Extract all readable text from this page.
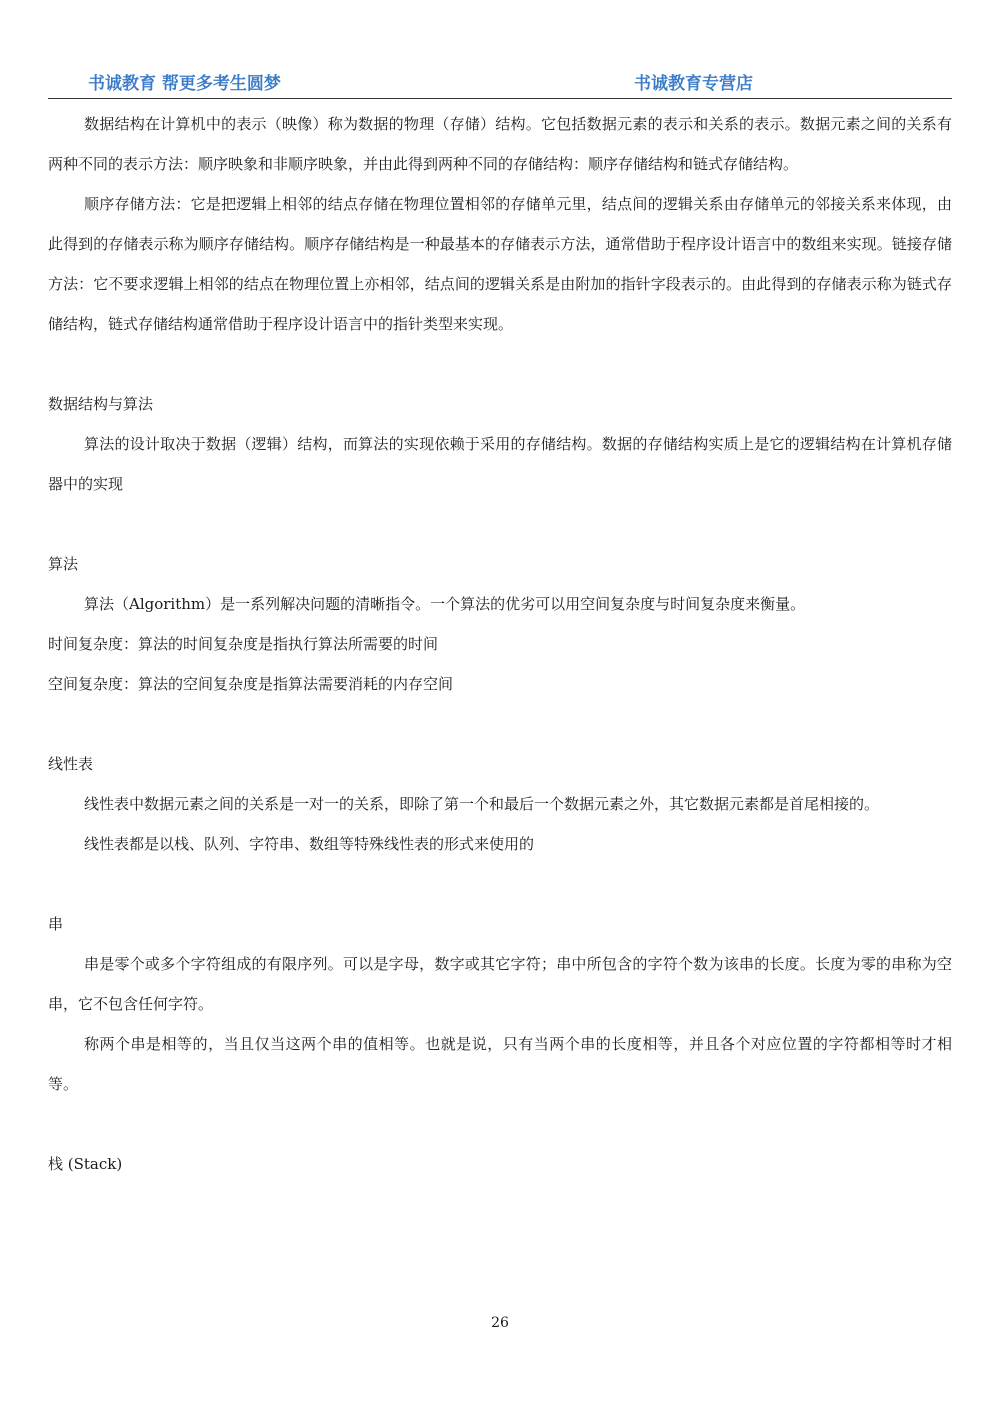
书诚教育 帮更多考生圆梦	书诚教育专营店

数据结构在计算机中的表示（映像）称为数据的物理（存储）结构。它包括数据元素的表示和关系的表示。数据元素之间的关系有两种不同的表示方法：顺序映象和非顺序映象，并由此得到两种不同的存储结构：顺序存储结构和链式存储结构。

顺序存储方法：它是把逻辑上相邻的结点存储在物理位置相邻的存储单元里，结点间的逻辑关系由存储单元的邻接关系来体现，由此得到的存储表示称为顺序存储结构。顺序存储结构是一种最基本的存储表示方法，通常借助于程序设计语言中的数组来实现。链接存储方法：它不要求逻辑上相邻的结点在物理位置上亦相邻，结点间的逻辑关系是由附加的指针字段表示的。由此得到的存储表示称为链式存储结构，链式存储结构通常借助于程序设计语言中的指针类型来实现。

数据结构与算法

算法的设计取决于数据（逻辑）结构，而算法的实现依赖于采用的存储结构。数据的存储结构实质上是它的逻辑结构在计算机存储器中的实现

算法

算法（Algorithm）是一系列解决问题的清晰指令。一个算法的优劣可以用空间复杂度与时间复杂度来衡量。

时间复杂度：算法的时间复杂度是指执行算法所需要的时间

空间复杂度：算法的空间复杂度是指算法需要消耗的内存空间

线性表

线性表中数据元素之间的关系是一对一的关系，即除了第一个和最后一个数据元素之外，其它数据元素都是首尾相接的。

线性表都是以栈、队列、字符串、数组等特殊线性表的形式来使用的

串

串是零个或多个字符组成的有限序列。可以是字母，数字或其它字符；串中所包含的字符个数为该串的长度。长度为零的串称为空串，它不包含任何字符。

称两个串是相等的，当且仅当这两个串的值相等。也就是说，只有当两个串的长度相等，并且各个对应位置的字符都相等时才相等。

栈 (Stack)

26
